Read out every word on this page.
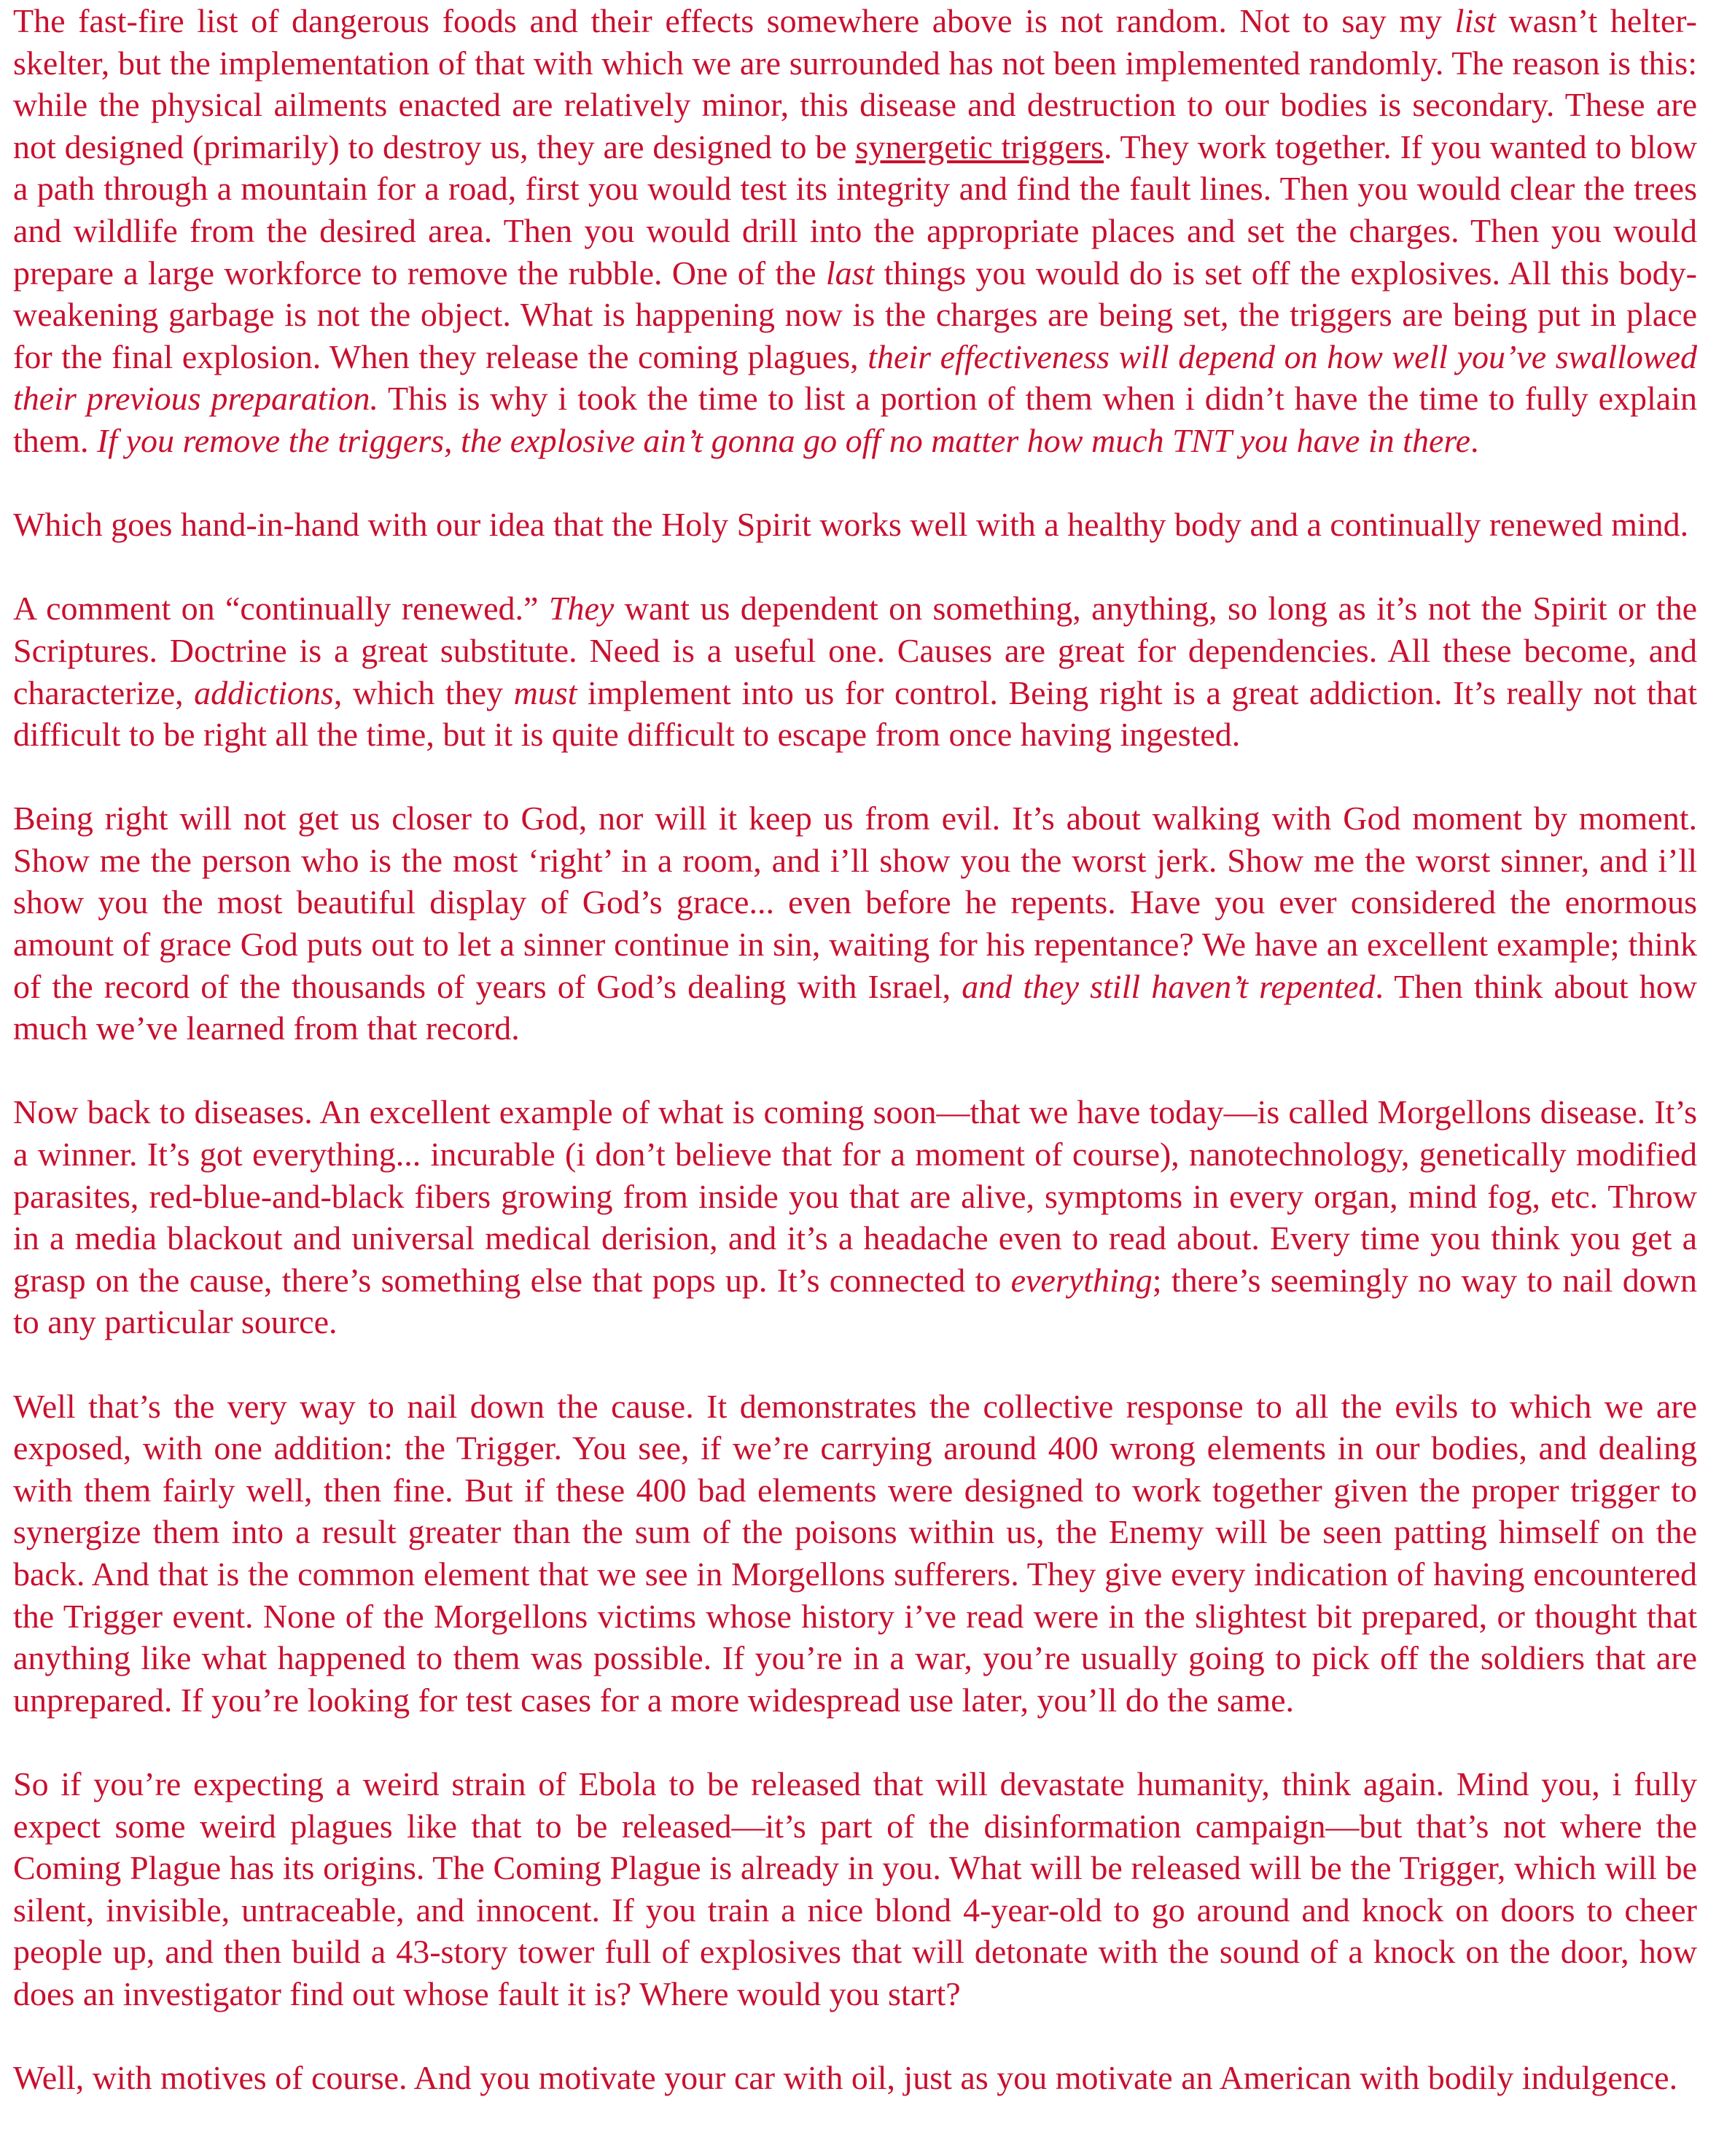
The fast-fire list of dangerous foods and their effects somewhere above is not random. Not to say my list wasn’t helter-skelter, but the implementation of that with which we are surrounded has not been implemented randomly. The reason is this: while the physical ailments enacted are relatively minor, this disease and destruction to our bodies is secondary. These are not designed (primarily) to destroy us, they are designed to be synergetic triggers. They work together. If you wanted to blow a path through a mountain for a road, first you would test its integrity and find the fault lines. Then you would clear the trees and wildlife from the desired area. Then you would drill into the appropriate places and set the charges. Then you would prepare a large workforce to remove the rubble. One of the last things you would do is set off the explosives. All this body-weakening garbage is not the object. What is happening now is the charges are being set, the triggers are being put in place for the final explosion. When they release the coming plagues, their effectiveness will depend on how well you’ve swallowed their previous preparation. This is why i took the time to list a portion of them when i didn’t have the time to fully explain them. If you remove the triggers, the explosive ain’t gonna go off no matter how much TNT you have in there.

Which goes hand-in-hand with our idea that the Holy Spirit works well with a healthy body and a continually renewed mind.

A comment on “continually renewed.” They want us dependent on something, anything, so long as it’s not the Spirit or the Scriptures. Doctrine is a great substitute. Need is a useful one. Causes are great for dependencies. All these become, and characterize, addictions, which they must implement into us for control. Being right is a great addiction. It’s really not that difficult to be right all the time, but it is quite difficult to escape from once having ingested.

Being right will not get us closer to God, nor will it keep us from evil. It’s about walking with God moment by moment. Show me the person who is the most ‘right’ in a room, and i’ll show you the worst jerk. Show me the worst sinner, and i’ll show you the most beautiful display of God’s grace... even before he repents. Have you ever considered the enormous amount of grace God puts out to let a sinner continue in sin, waiting for his repentance? We have an excellent example; think of the record of the thousands of years of God’s dealing with Israel, and they still haven’t repented. Then think about how much we’ve learned from that record.

Now back to diseases. An excellent example of what is coming soon—that we have today—is called Morgellons disease. It’s a winner. It’s got everything... incurable (i don’t believe that for a moment of course), nanotechnology, genetically modified parasites, red-blue-and-black fibers growing from inside you that are alive, symptoms in every organ, mind fog, etc. Throw in a media blackout and universal medical derision, and it’s a headache even to read about. Every time you think you get a grasp on the cause, there’s something else that pops up. It’s connected to everything; there’s seemingly no way to nail down to any particular source.

Well that’s the very way to nail down the cause. It demonstrates the collective response to all the evils to which we are exposed, with one addition: the Trigger. You see, if we’re carrying around 400 wrong elements in our bodies, and dealing with them fairly well, then fine. But if these 400 bad elements were designed to work together given the proper trigger to synergize them into a result greater than the sum of the poisons within us, the Enemy will be seen patting himself on the back. And that is the common element that we see in Morgellons sufferers. They give every indication of having encountered the Trigger event. None of the Morgellons victims whose history i’ve read were in the slightest bit prepared, or thought that anything like what happened to them was possible. If you’re in a war, you’re usually going to pick off the soldiers that are unprepared. If you’re looking for test cases for a more widespread use later, you’ll do the same.

So if you’re expecting a weird strain of Ebola to be released that will devastate humanity, think again. Mind you, i fully expect some weird plagues like that to be released—it’s part of the disinformation campaign—but that’s not where the Coming Plague has its origins. The Coming Plague is already in you. What will be released will be the Trigger, which will be silent, invisible, untraceable, and innocent. If you train a nice blond 4-year-old to go around and knock on doors to cheer people up, and then build a 43-story tower full of explosives that will detonate with the sound of a knock on the door, how does an investigator find out whose fault it is? Where would you start?

Well, with motives of course. And you motivate your car with oil, just as you motivate an American with bodily indulgence.
